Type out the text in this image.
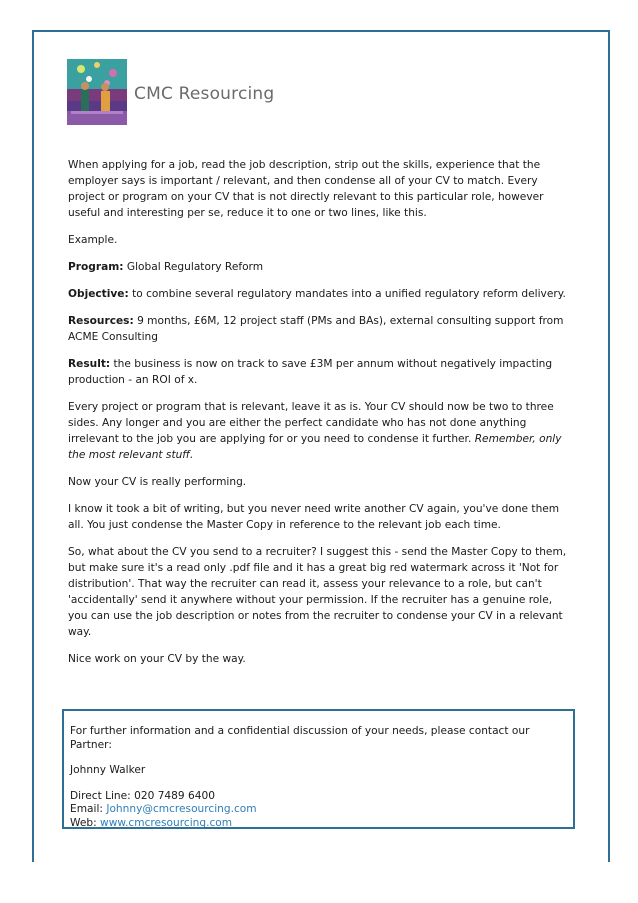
CMC Resourcing

When applying for a job, read the job description, strip out the skills, experience that the employer says is important / relevant, and then condense all of your CV to match. Every project or program on your CV that is not directly relevant to this particular role, however useful and interesting per se, reduce it to one or two lines, like this.

Example.

Program: Global Regulatory Reform

Objective: to combine several regulatory mandates into a unified regulatory reform delivery.

Resources: 9 months, £6M, 12 project staff (PMs and BAs), external consulting support from ACME Consulting

Result: the business is now on track to save £3M per annum without negatively impacting production - an ROI of x.

Every project or program that is relevant, leave it as is. Your CV should now be two to three sides. Any longer and you are either the perfect candidate who has not done anything irrelevant to the job you are applying for or you need to condense it further. Remember, only the most relevant stuff.

Now your CV is really performing.

I know it took a bit of writing, but you never need write another CV again, you've done them all. You just condense the Master Copy in reference to the relevant job each time.

So, what about the CV you send to a recruiter? I suggest this - send the Master Copy to them, but make sure it's a read only .pdf file and it has a great big red watermark across it 'Not for distribution'. That way the recruiter can read it, assess your relevance to a role, but can't 'accidentally' send it anywhere without your permission. If the recruiter has a genuine role, you can use the job description or notes from the recruiter to condense your CV in a relevant way.

Nice work on your CV by the way.

For further information and a confidential discussion of your needs, please contact our Partner:

Johnny Walker

Direct Line: 020 7489 6400

Email: Johnny@cmcresourcing.com

Web: www.cmcresourcing.com
